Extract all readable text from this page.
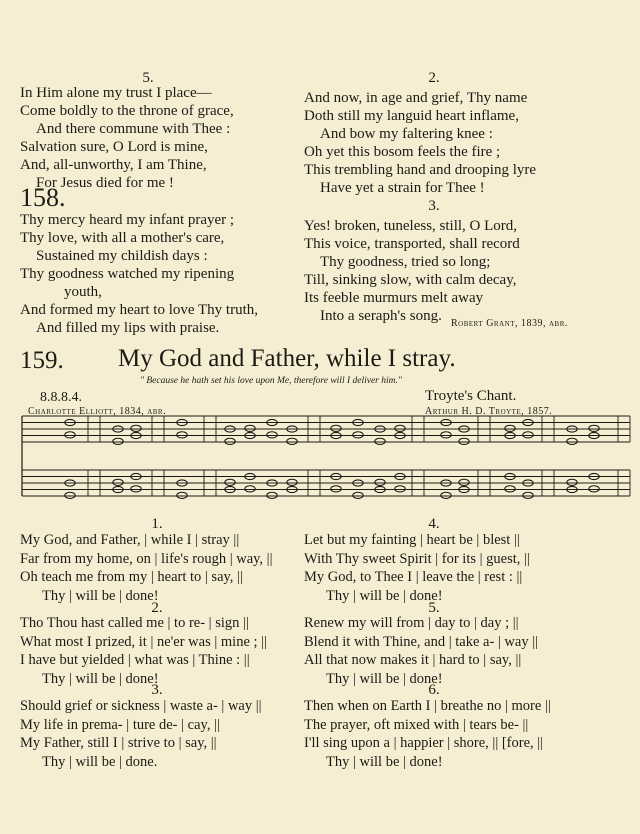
5.
In Him alone my trust I place—
Come boldly to the throne of grace,
And there commune with Thee :
Salvation sure, O Lord is mine,
And, all-unworthy, I am Thine,
For Jesus died for me !
158.
Thy mercy heard my infant prayer ;
Thy love, with all a mother's care,
Sustained my childish days :
Thy goodness watched my ripening
youth,
And formed my heart to love Thy truth,
And filled my lips with praise.
2.
And now, in age and grief, Thy name
Doth still my languid heart inflame,
And bow my faltering knee :
Oh yet this bosom feels the fire ;
This trembling hand and drooping lyre
Have yet a strain for Thee !
3.
Yes! broken, tuneless, still, O Lord,
This voice, transported, shall record
Thy goodness, tried so long;
Till, sinking slow, with calm decay,
Its feeble murmurs melt away
Into a seraph's song. Robert Grant, 1839, abr.
159. My God and Father, while I stray.
" Because he hath set his love upon Me, therefore will I deliver him."
8.8.8.4.	Troyte's Chant.
Charlotte Elliott, 1834, abr.	Arthur H. D. Troyte, 1857.
1.
My God, and Father, | while I | stray ||
Far from my home, on | life's rough | way, ||
Oh teach me from my | heart to | say, ||
Thy | will be | done!
2.
Tho Thou hast called me | to re- | sign ||
What most I prized, it | ne'er was | mine ; ||
I have but yielded | what was | Thine : ||
Thy | will be | done!
3.
Should grief or sickness | waste a- | way ||
My life in prema- | ture de- | cay, ||
My Father, still I | strive to | say, ||
Thy | will be | done.
4.
Let but my fainting | heart be | blest ||
With Thy sweet Spirit | for its | guest, ||
My God, to Thee I | leave the | rest : ||
Thy | will be | done!
5.
Renew my will from | day to | day ; ||
Blend it with Thine, and | take a- | way ||
All that now makes it | hard to | say, ||
Thy | will be | done!
6.
Then when on Earth I | breathe no | more ||
The prayer, oft mixed with | tears be- ||
I'll sing upon a | happier | shore, || [fore, ||
Thy | will be | done!
